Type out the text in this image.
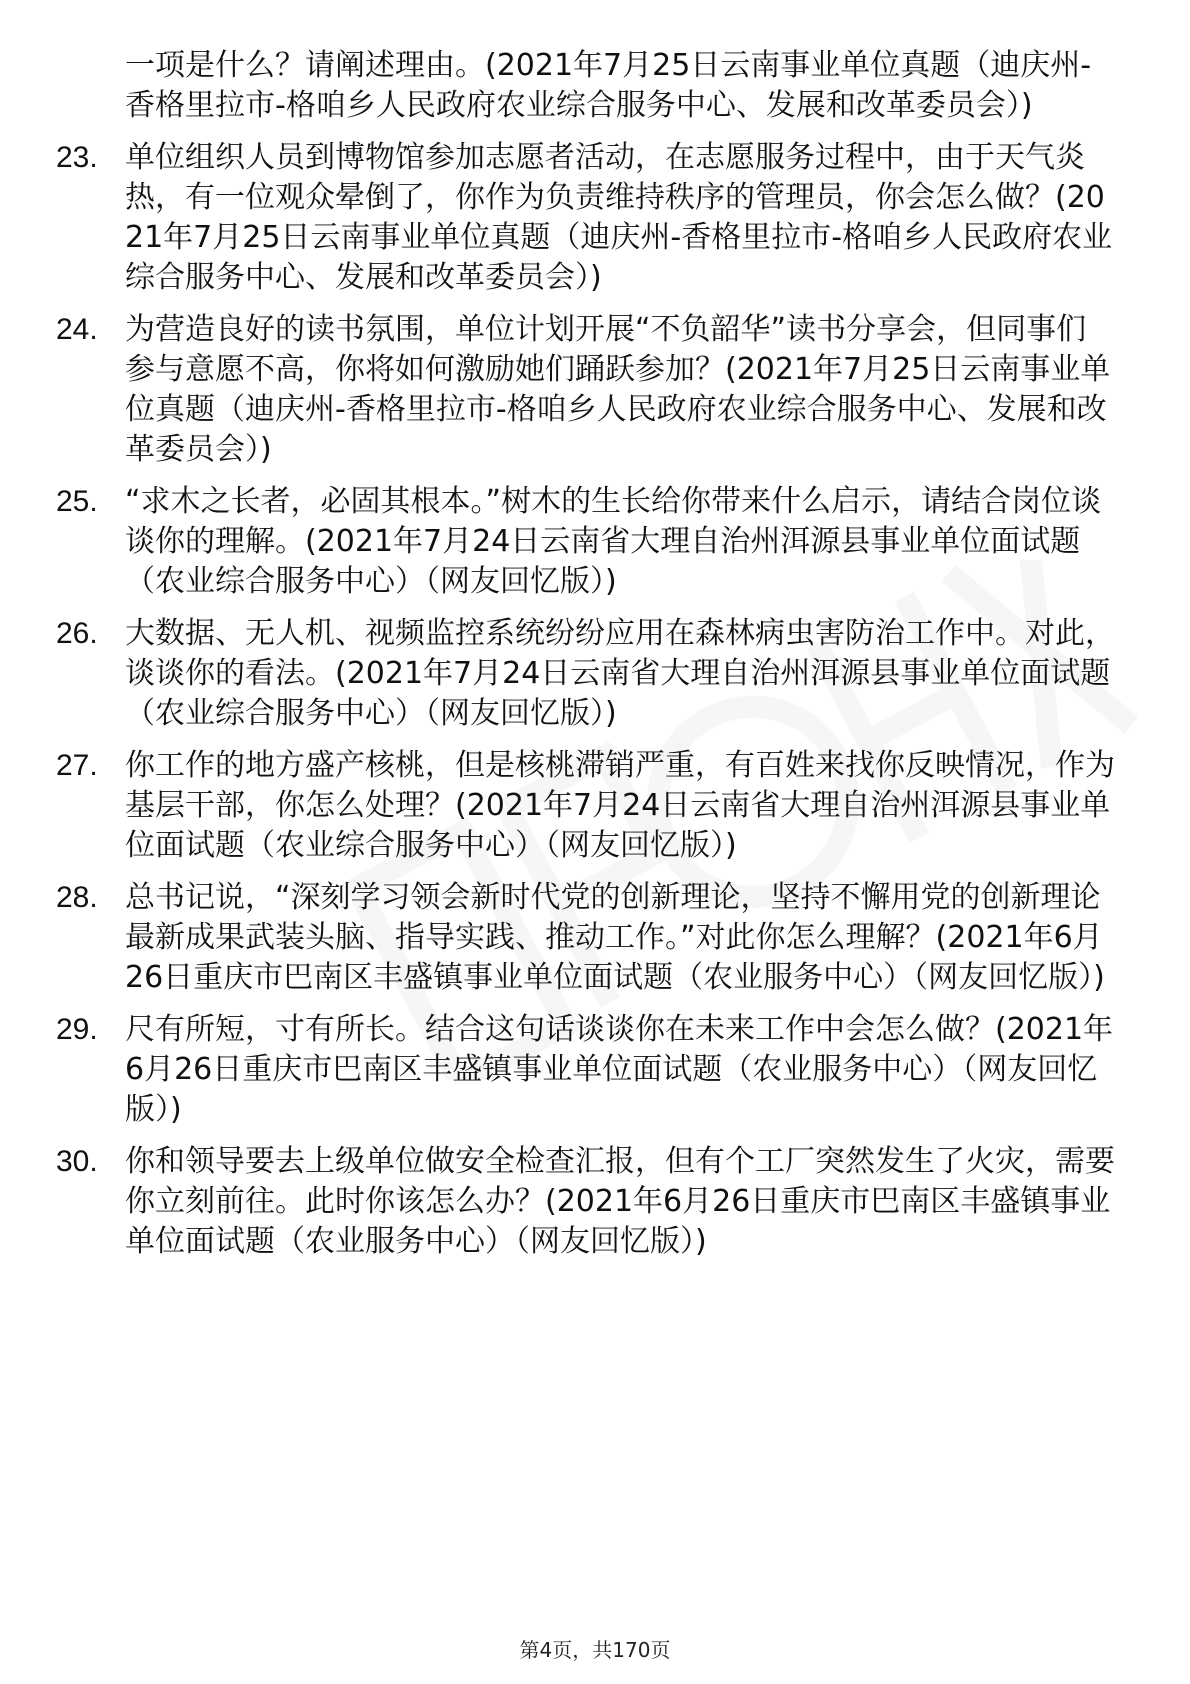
一项是什么？请阐述理由。(2021年7月25日云南事业单位真题（迪庆州-香格里拉市-格咱乡人民政府农业综合服务中心、发展和改革委员会）)
23. 单位组织人员到博物馆参加志愿者活动，在志愿服务过程中，由于天气炎热，有一位观众晕倒了，你作为负责维持秩序的管理员，你会怎么做？(2021年7月25日云南事业单位真题（迪庆州-香格里拉市-格咱乡人民政府农业综合服务中心、发展和改革委员会）)
24. 为营造良好的读书氛围，单位计划开展“不负韶华”读书分享会，但同事们参与意愿不高，你将如何激励她们踊跃参加？(2021年7月25日云南事业单位真题（迪庆州-香格里拉市-格咱乡人民政府农业综合服务中心、发展和改革委员会）)
25. “求木之长者，必固其根本。”树木的生长给你带来什么启示，请结合岗位谈谈你的理解。(2021年7月24日云南省大理自治州洱源县事业单位面试题（农业综合服务中心）（网友回忆版）)
26. 大数据、无人机、视频监控系统纷纷应用在森林病虫害防治工作中。对此，谈谈你的看法。(2021年7月24日云南省大理自治州洱源县事业单位面试题（农业综合服务中心）（网友回忆版）)
27. 你工作的地方盛产核桃，但是核桃滞销严重，有百姓来找你反映情况，作为基层干部，你怎么处理？(2021年7月24日云南省大理自治州洱源县事业单位面试题（农业综合服务中心）（网友回忆版）)
28. 总书记说，“深刻学习领会新时代党的创新理论，坚持不懈用党的创新理论最新成果武装头脑、指导实践、推动工作。”对此你怎么理解？(2021年6月26日重庆市巴南区丰盛镇事业单位面试题（农业服务中心）（网友回忆版）)
29. 尺有所短，寸有所长。结合这句话谈谈你在未来工作中会怎么做？(2021年6月26日重庆市巴南区丰盛镇事业单位面试题（农业服务中心）（网友回忆版）)
30. 你和领导要去上级单位做安全检查汇报，但有个工厂突然发生了火灾，需要你立刻前往。此时你该怎么办？(2021年6月26日重庆市巴南区丰盛镇事业单位面试题（农业服务中心）（网友回忆版）)
第4页，共170页
